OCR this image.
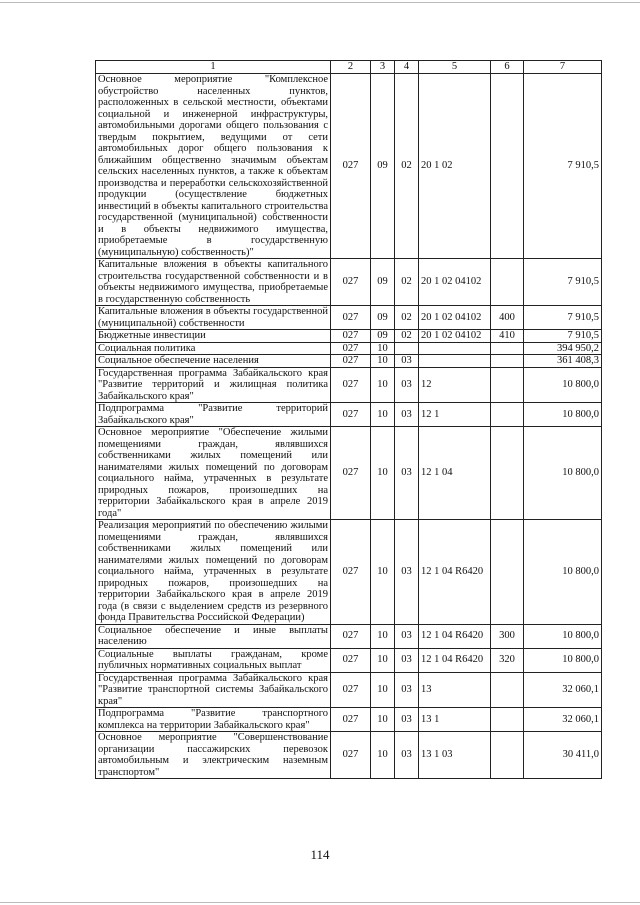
1	2	3	4	5	6	7
Основное мероприятие "Комплексное обустройство населенных пунктов, расположенных в сельской местности, объектами социальной и инженерной инфраструктуры, автомобильными дорогами общего пользования с твердым покрытием, ведущими от сети автомобильных дорог общего пользования к ближайшим общественно значимым объектам сельских населенных пунктов, а также к объектам производства и переработки сельскохозяйственной продукции (осуществление бюджетных инвестиций в объекты капитального строительства государственной (муниципальной) собственности и в объекты недвижимого имущества, приобретаемые в государственную (муниципальную) собственность)"	027	09	02	20 1 02		7 910,5
Капитальные вложения в объекты капитального строительства государственной собственности и в объекты недвижимого имущества, приобретаемые в государственную собственность	027	09	02	20 1 02 04102		7 910,5
Капитальные вложения в объекты государственной (муниципальной) собственности	027	09	02	20 1 02 04102	400	7 910,5
Бюджетные инвестиции	027	09	02	20 1 02 04102	410	7 910,5
Социальная политика	027	10				394 950,2
Социальное обеспечение населения	027	10	03			361 408,3
Государственная программа Забайкальского края "Развитие территорий и жилищная политика Забайкальского края"	027	10	03	12		10 800,0
Подпрограмма "Развитие территорий Забайкальского края"	027	10	03	12 1		10 800,0
Основное мероприятие "Обеспечение жилыми помещениями граждан, являвшихся собственниками жилых помещений или нанимателями жилых помещений по договорам социального найма, утраченных в результате природных пожаров, произошедших на территории Забайкальского края в апреле 2019 года"	027	10	03	12 1 04		10 800,0
Реализация мероприятий по обеспечению жилыми помещениями граждан, являвшихся собственниками жилых помещений или нанимателями жилых помещений по договорам социального найма, утраченных в результате природных пожаров, произошедших на территории Забайкальского края в апреле 2019 года (в связи с выделением средств из резервного фонда Правительства Российской Федерации)	027	10	03	12 1 04 R6420		10 800,0
Социальное обеспечение и иные выплаты населению	027	10	03	12 1 04 R6420	300	10 800,0
Социальные выплаты гражданам, кроме публичных нормативных социальных выплат	027	10	03	12 1 04 R6420	320	10 800,0
Государственная программа Забайкальского края "Развитие транспортной системы Забайкальского края"	027	10	03	13		32 060,1
Подпрограмма "Развитие транспортного комплекса на территории Забайкальского края"	027	10	03	13 1		32 060,1
Основное мероприятие "Совершенствование организации пассажирских перевозок автомобильным и электрическим наземным транспортом"	027	10	03	13 1 03		30 411,0
114
